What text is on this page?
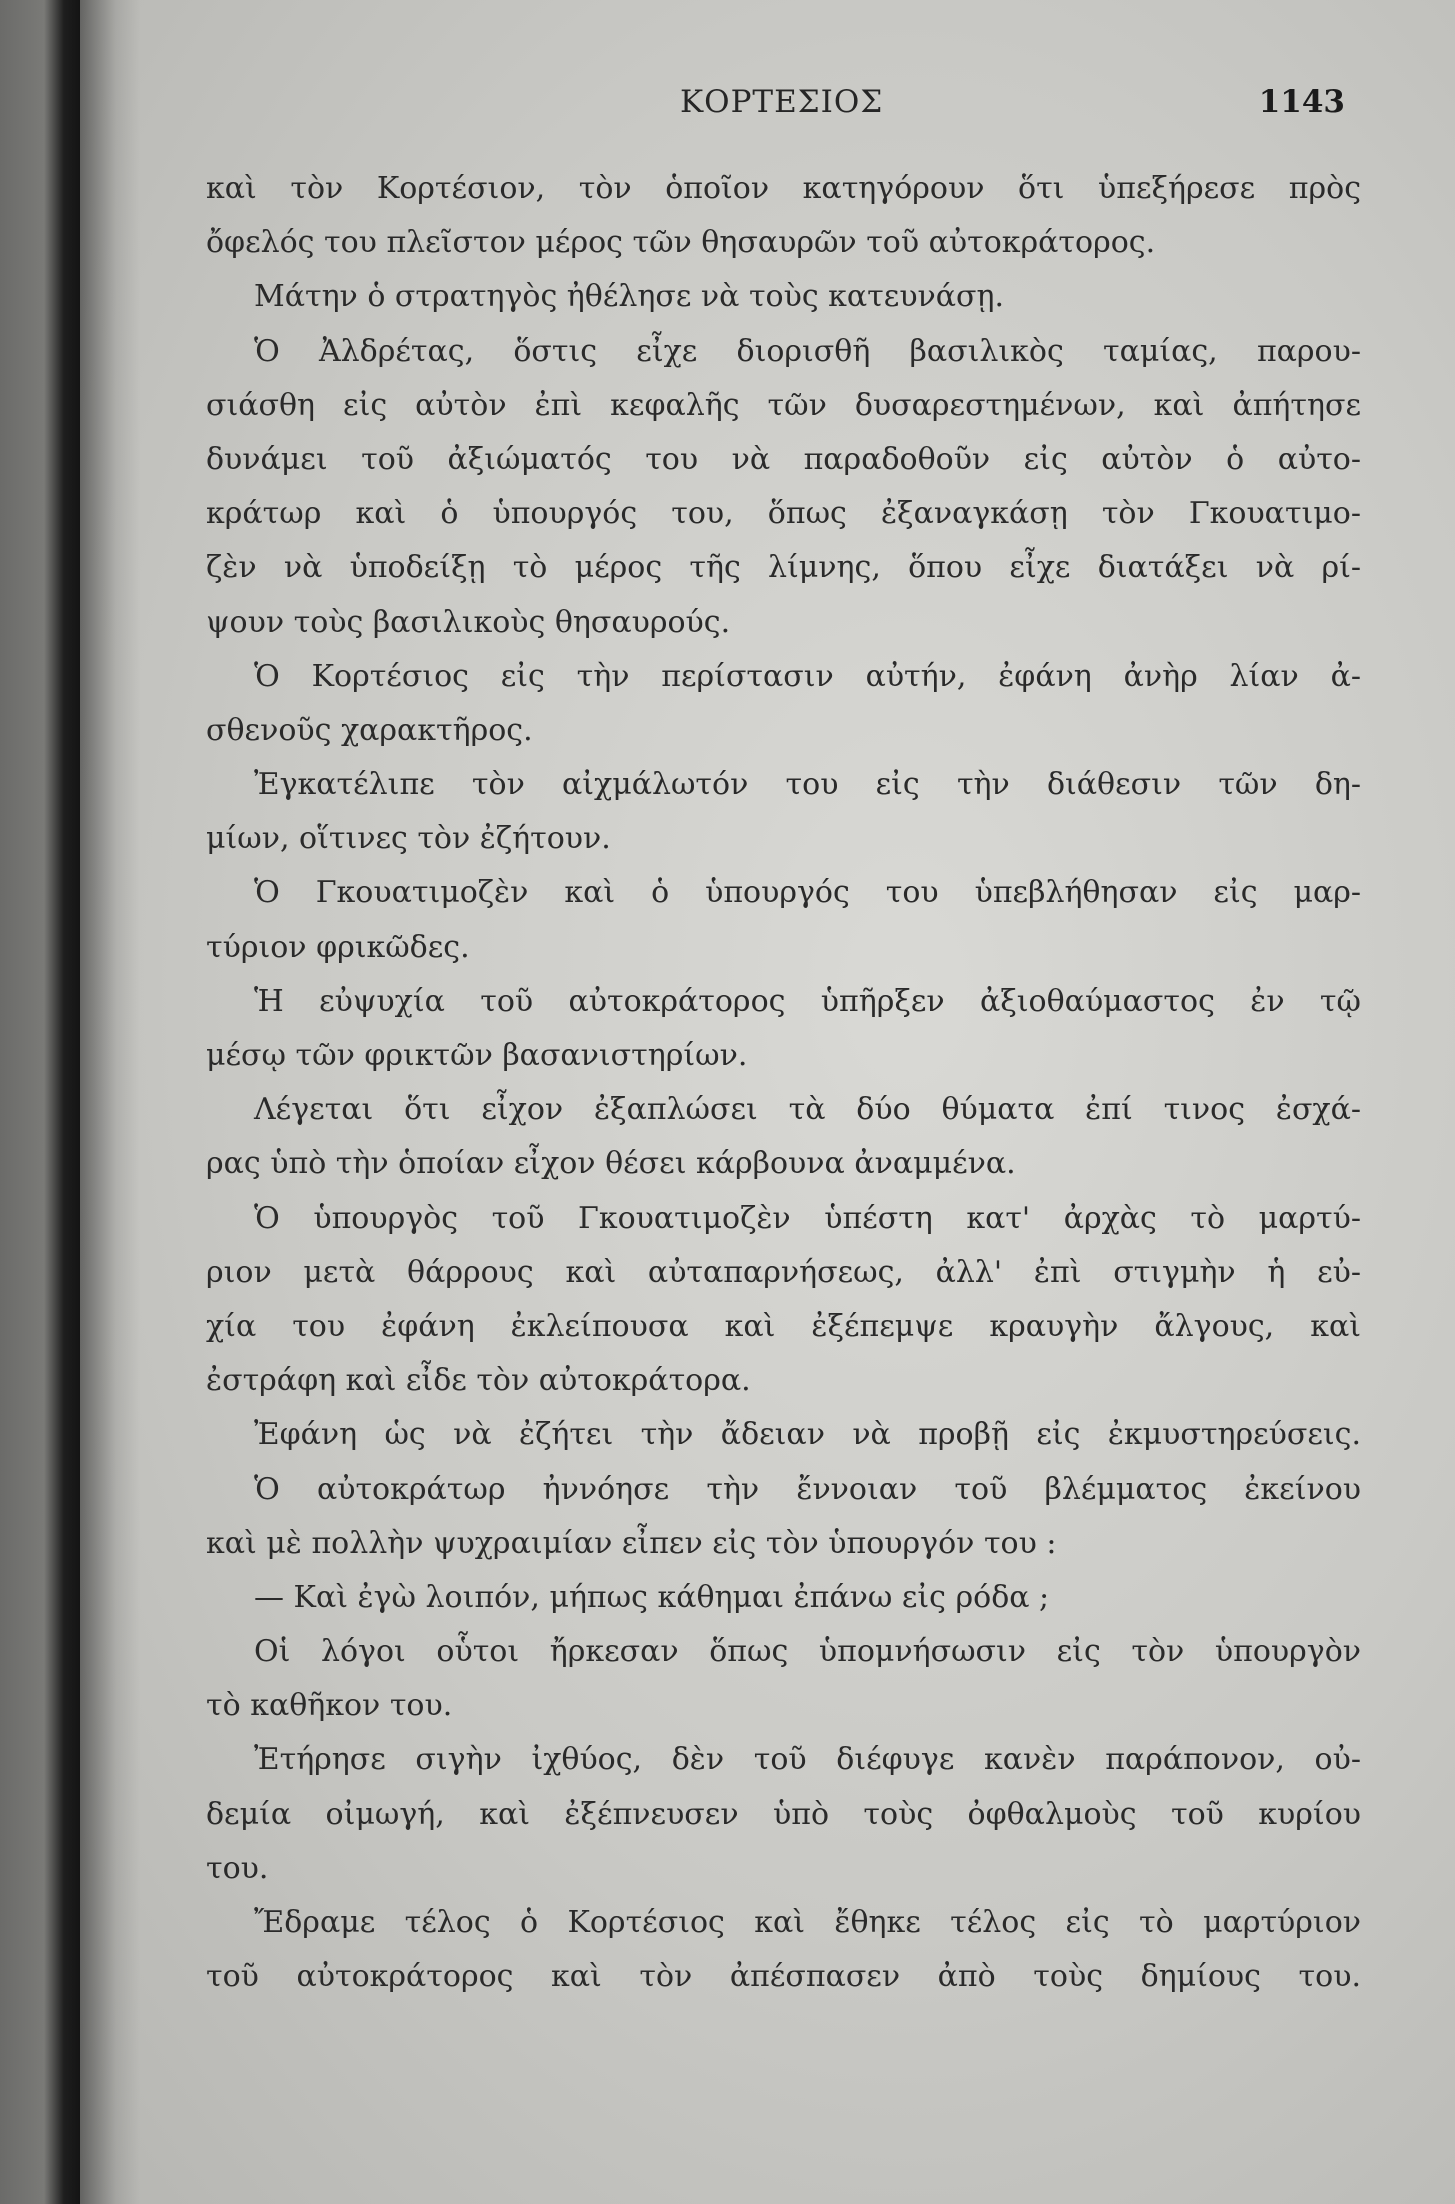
ΚΟΡΤΕΣΙΟΣ	1143
καὶ τὸν Κορτέσιον, τὸν ὁποῖον κατηγόρουν ὅτι ὑπεξήρεσε πρὸς
ὄφελός του πλεῖστον μέρος τῶν θησαυρῶν τοῦ αὐτοκράτορος.
Μάτην ὁ στρατηγὸς ἠθέλησε νὰ τοὺς κατευνάσῃ.
Ὁ Ἀλδρέτας, ὅστις εἶχε διορισθῆ βασιλικὸς ταμίας, παρου-
σιάσθη εἰς αὐτὸν ἐπὶ κεφαλῆς τῶν δυσαρεστημένων, καὶ ἀπήτησε
δυνάμει τοῦ ἀξιώματός του νὰ παραδοθοῦν εἰς αὐτὸν ὁ αὐτο-
κράτωρ καὶ ὁ ὑπουργός του, ὅπως ἐξαναγκάσῃ τὸν Γκουατιμο-
ζὲν νὰ ὑποδείξῃ τὸ μέρος τῆς λίμνης, ὅπου εἶχε διατάξει νὰ ρί-
ψουν τοὺς βασιλικοὺς θησαυρούς.
Ὁ Κορτέσιος εἰς τὴν περίστασιν αὐτήν, ἐφάνη ἀνὴρ λίαν ἀ-
σθενοῦς χαρακτῆρος.
Ἐγκατέλιπε τὸν αἰχμάλωτόν του εἰς τὴν διάθεσιν τῶν δη-
μίων, οἵτινες τὸν ἐζήτουν.
Ὁ Γκουατιμοζὲν καὶ ὁ ὑπουργός του ὑπεβλήθησαν εἰς μαρ-
τύριον φρικῶδες.
Ἡ εὐψυχία τοῦ αὐτοκράτορος ὑπῆρξεν ἀξιοθαύμαστος ἐν τῷ
μέσῳ τῶν φρικτῶν βασανιστηρίων.
Λέγεται ὅτι εἶχον ἐξαπλώσει τὰ δύο θύματα ἐπί τινος ἐσχά-
ρας ὑπὸ τὴν ὁποίαν εἶχον θέσει κάρβουνα ἀναμμένα.
Ὁ ὑπουργὸς τοῦ Γκουατιμοζὲν ὑπέστη κατ' ἀρχὰς τὸ μαρτύ-
ριον μετὰ θάρρους καὶ αὐταπαρνήσεως, ἀλλ' ἐπὶ στιγμὴν ἡ εὐ-
χία του ἐφάνη ἐκλείπουσα καὶ ἐξέπεμψε κραυγὴν ἄλγους, καὶ
ἐστράφη καὶ εἶδε τὸν αὐτοκράτορα.
Ἐφάνη ὡς νὰ ἐζήτει τὴν ἄδειαν νὰ προβῇ εἰς ἐκμυστηρεύσεις.
Ὁ αὐτοκράτωρ ἠννόησε τὴν ἔννοιαν τοῦ βλέμματος ἐκείνου
καὶ μὲ πολλὴν ψυχραιμίαν εἶπεν εἰς τὸν ὑπουργόν του :
— Καὶ ἐγὼ λοιπόν, μήπως κάθημαι ἐπάνω εἰς ρόδα ;
Οἱ λόγοι οὗτοι ἤρκεσαν ὅπως ὑπομνήσωσιν εἰς τὸν ὑπουργὸν
τὸ καθῆκον του.
Ἐτήρησε σιγὴν ἰχθύος, δὲν τοῦ διέφυγε κανὲν παράπονον, οὐ-
δεμία οἰμωγή, καὶ ἐξέπνευσεν ὑπὸ τοὺς ὀφθαλμοὺς τοῦ κυρίου
του.
Ἔδραμε τέλος ὁ Κορτέσιος καὶ ἔθηκε τέλος εἰς τὸ μαρτύριον
τοῦ αὐτοκράτορος καὶ τὸν ἀπέσπασεν ἀπὸ τοὺς δημίους του.
